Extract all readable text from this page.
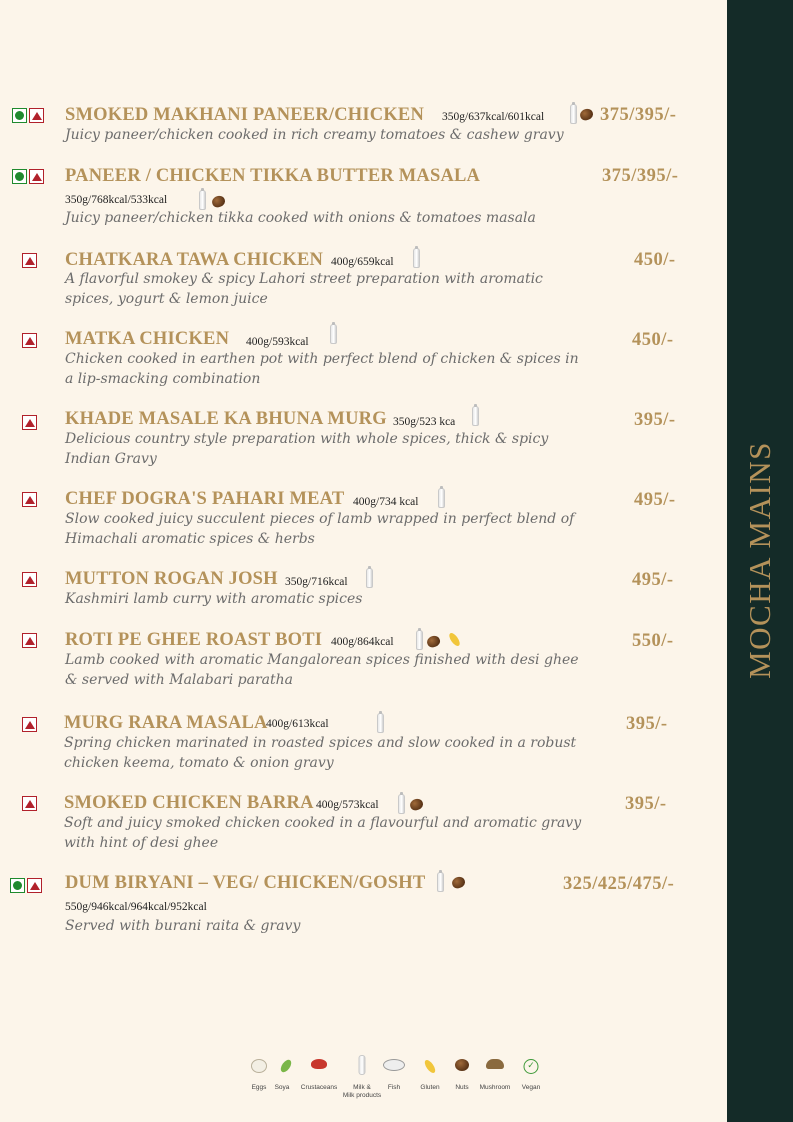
MOCHA MAINS
SMOKED MAKHANI PANEER/CHICKEN 350g/637kcal/601kcal	375/395/-
Juicy paneer/chicken cooked in rich creamy tomatoes & cashew gravy
PANEER / CHICKEN TIKKA BUTTER MASALA	375/395/-
350g/768kcal/533kcal
Juicy paneer/chicken tikka cooked with onions & tomatoes masala
CHATKARA TAWA CHICKEN 400g/659kcal	450/-
A flavorful smokey & spicy Lahori street preparation with aromatic spices, yogurt & lemon juice
MATKA CHICKEN 400g/593kcal	450/-
Chicken cooked in earthen pot with perfect blend of chicken & spices in a lip-smacking combination
KHADE MASALE KA BHUNA MURG 350g/523 kca	395/-
Delicious country style preparation with whole spices, thick & spicy Indian Gravy
CHEF DOGRA'S PAHARI MEAT 400g/734 kcal	495/-
Slow cooked juicy succulent pieces of lamb wrapped in perfect blend of Himachali aromatic spices & herbs
MUTTON ROGAN JOSH 350g/716kcal	495/-
Kashmiri lamb curry with aromatic spices
ROTI PE GHEE ROAST BOTI 400g/864kcal	550/-
Lamb cooked with aromatic Mangalorean spices finished with desi ghee & served with Malabari paratha
MURG RARA MASALA
400g/613kcal	395/-
Spring chicken marinated in roasted spices and slow cooked in a robust chicken keema, tomato & onion gravy
SMOKED CHICKEN BARRA 400g/573kcal	395/-
Soft and juicy smoked chicken cooked in a flavourful and aromatic gravy with hint of desi ghee
DUM BIRYANI – VEG/ CHICKEN/GOSHT	325/425/475/-
550g/946kcal/964kcal/952kcal
Served with burani raita & gravy
Eggs	Soya	Crustaceans	Milk &
Milk products
Fish	Gluten	Nuts	Mushroom
✓
Vegan
